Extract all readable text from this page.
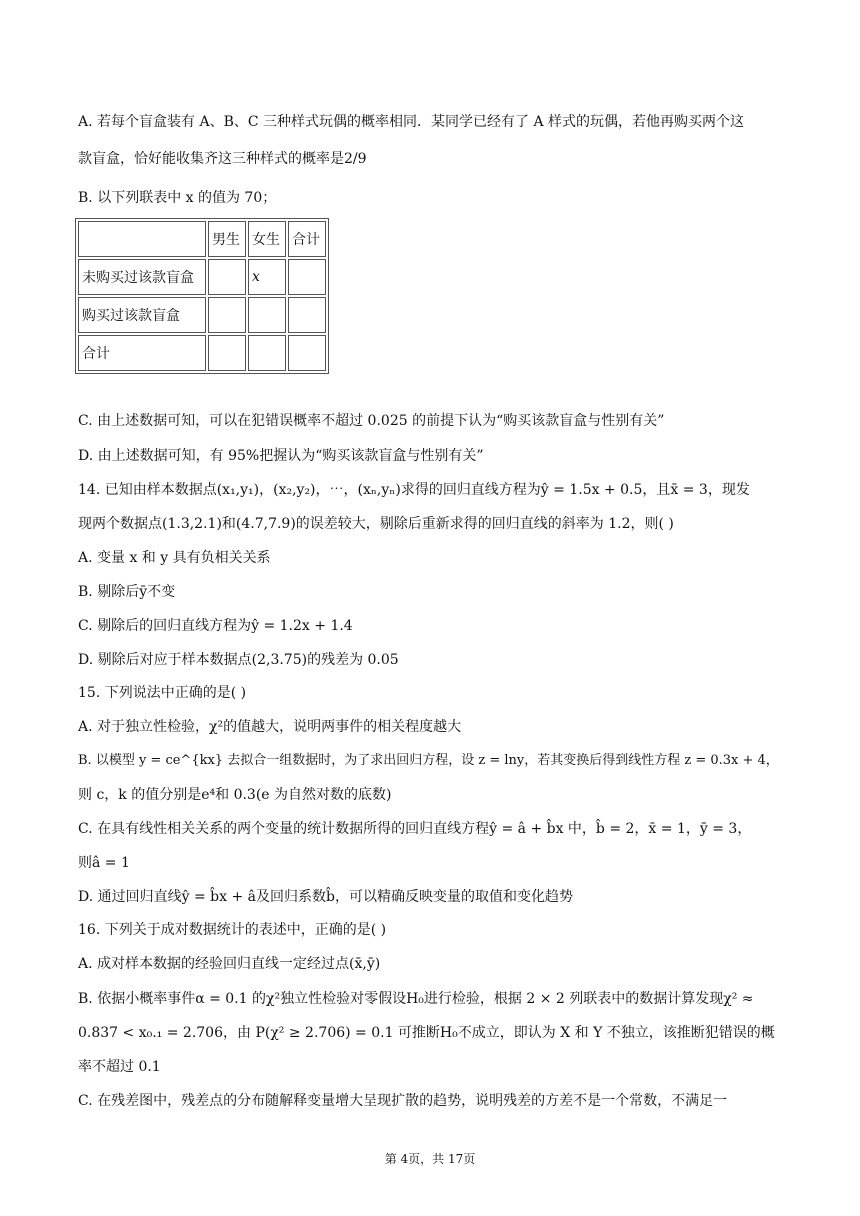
A. 若每个盲盒装有 A、B、C 三种样式玩偶的概率相同．某同学已经有了 A 样式的玩偶，若他再购买两个这
款盲盒，恰好能收集齐这三种样式的概率是2/9
B. 以下列联表中 x 的值为 70；
	男生	女生	合计
未购买过该款盲盒		x	
购买过该款盲盒			
合计			
C. 由上述数据可知，可以在犯错误概率不超过 0.025 的前提下认为“购买该款盲盒与性别有关”
D. 由上述数据可知，有 95%把握认为“购买该款盲盒与性别有关”
14. 已知由样本数据点(x₁,y₁)，(x₂,y₂)，⋯，(xₙ,yₙ)求得的回归直线方程为ŷ = 1.5x + 0.5，且x̄ = 3，现发
现两个数据点(1.3,2.1)和(4.7,7.9)的误差较大，剔除后重新求得的回归直线的斜率为 1.2，则( )
A. 变量 x 和 y 具有负相关关系
B. 剔除后ȳ不变
C. 剔除后的回归直线方程为ŷ = 1.2x + 1.4
D. 剔除后对应于样本数据点(2,3.75)的残差为 0.05
15. 下列说法中正确的是( )
A. 对于独立性检验，χ²的值越大，说明两事件的相关程度越大
B. 以模型 y = ce^{kx} 去拟合一组数据时，为了求出回归方程，设 z = lny，若其变换后得到线性方程 z = 0.3x + 4，
则 c，k 的值分别是e⁴和 0.3(e 为自然对数的底数)
C. 在具有线性相关关系的两个变量的统计数据所得的回归直线方程ŷ = â + b̂x 中，b̂ = 2，x̄ = 1，ȳ = 3，
则â = 1
D. 通过回归直线ŷ = b̂x + â及回归系数b̂，可以精确反映变量的取值和变化趋势
16. 下列关于成对数据统计的表述中，正确的是( )
A. 成对样本数据的经验回归直线一定经过点(x̄,ȳ)
B. 依据小概率事件α = 0.1 的χ²独立性检验对零假设H₀进行检验，根据 2 × 2 列联表中的数据计算发现χ² ≈
0.837 < x₀.₁ = 2.706，由 P(χ² ≥ 2.706) = 0.1 可推断H₀不成立，即认为 X 和 Y 不独立，该推断犯错误的概
率不超过 0.1
C. 在残差图中，残差点的分布随解释变量增大呈现扩散的趋势，说明残差的方差不是一个常数，不满足一
第 4页，共 17页
